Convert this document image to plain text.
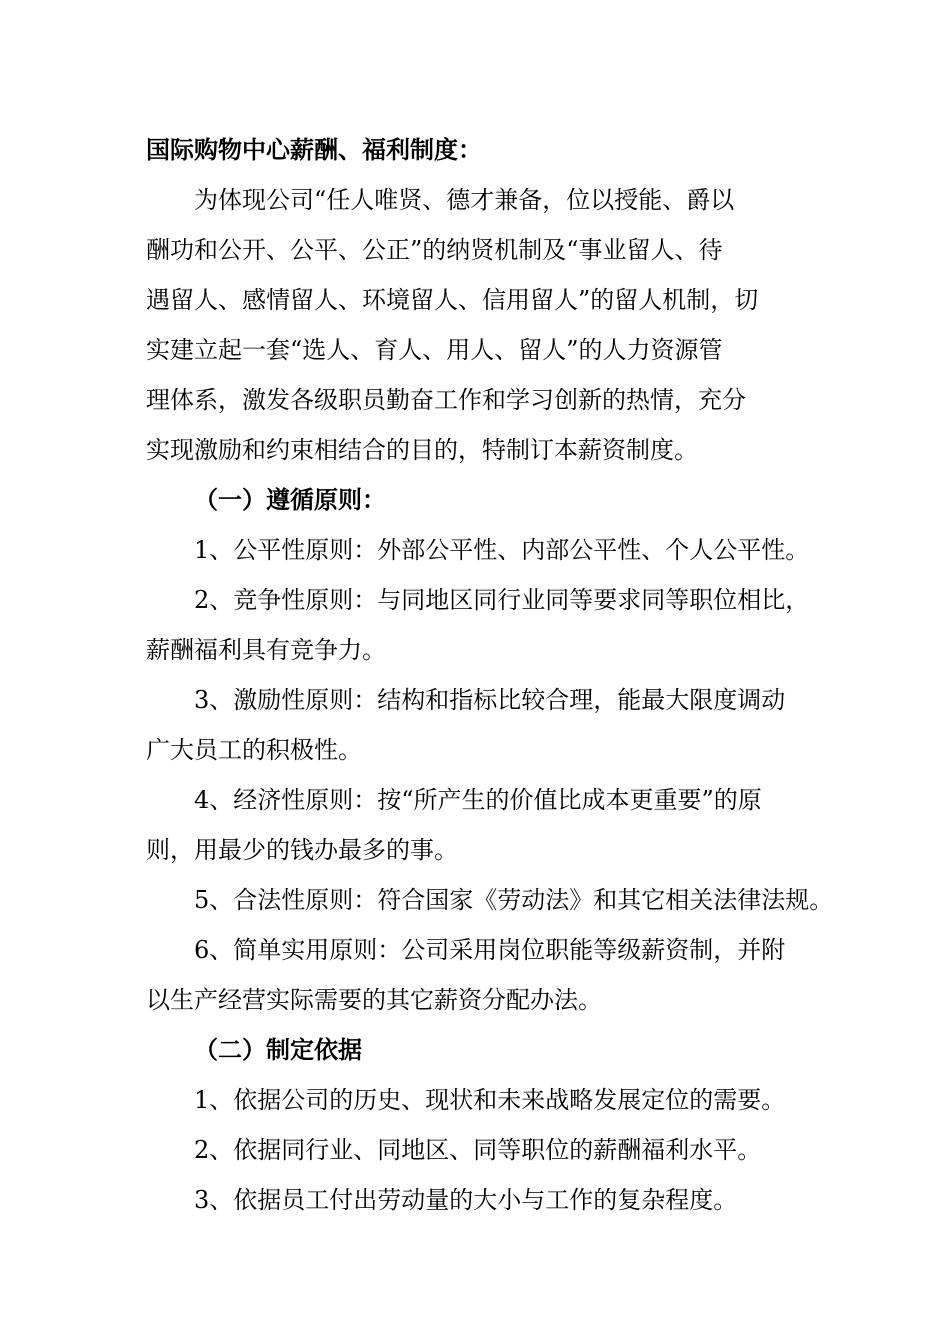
国际购物中心薪酬、福利制度：

为体现公司“任人唯贤、德才兼备，位以授能、爵以

酬功和公开、公平、公正”的纳贤机制及“事业留人、待

遇留人、感情留人、环境留人、信用留人”的留人机制，切

实建立起一套“选人、育人、用人、留人”的人力资源管

理体系，激发各级职员勤奋工作和学习创新的热情，充分

实现激励和约束相结合的目的，特制订本薪资制度。

（一）遵循原则：

1、公平性原则：外部公平性、内部公平性、个人公平性。

2、竞争性原则：与同地区同行业同等要求同等职位相比，

薪酬福利具有竞争力。

3、激励性原则：结构和指标比较合理，能最大限度调动

广大员工的积极性。

4、经济性原则：按“所产生的价值比成本更重要”的原

则，用最少的钱办最多的事。

5、合法性原则：符合国家《劳动法》和其它相关法律法规。

6、简单实用原则：公司采用岗位职能等级薪资制，并附

以生产经营实际需要的其它薪资分配办法。

（二）制定依据

1、依据公司的历史、现状和未来战略发展定位的需要。

2、依据同行业、同地区、同等职位的薪酬福利水平。

3、依据员工付出劳动量的大小与工作的复杂程度。
